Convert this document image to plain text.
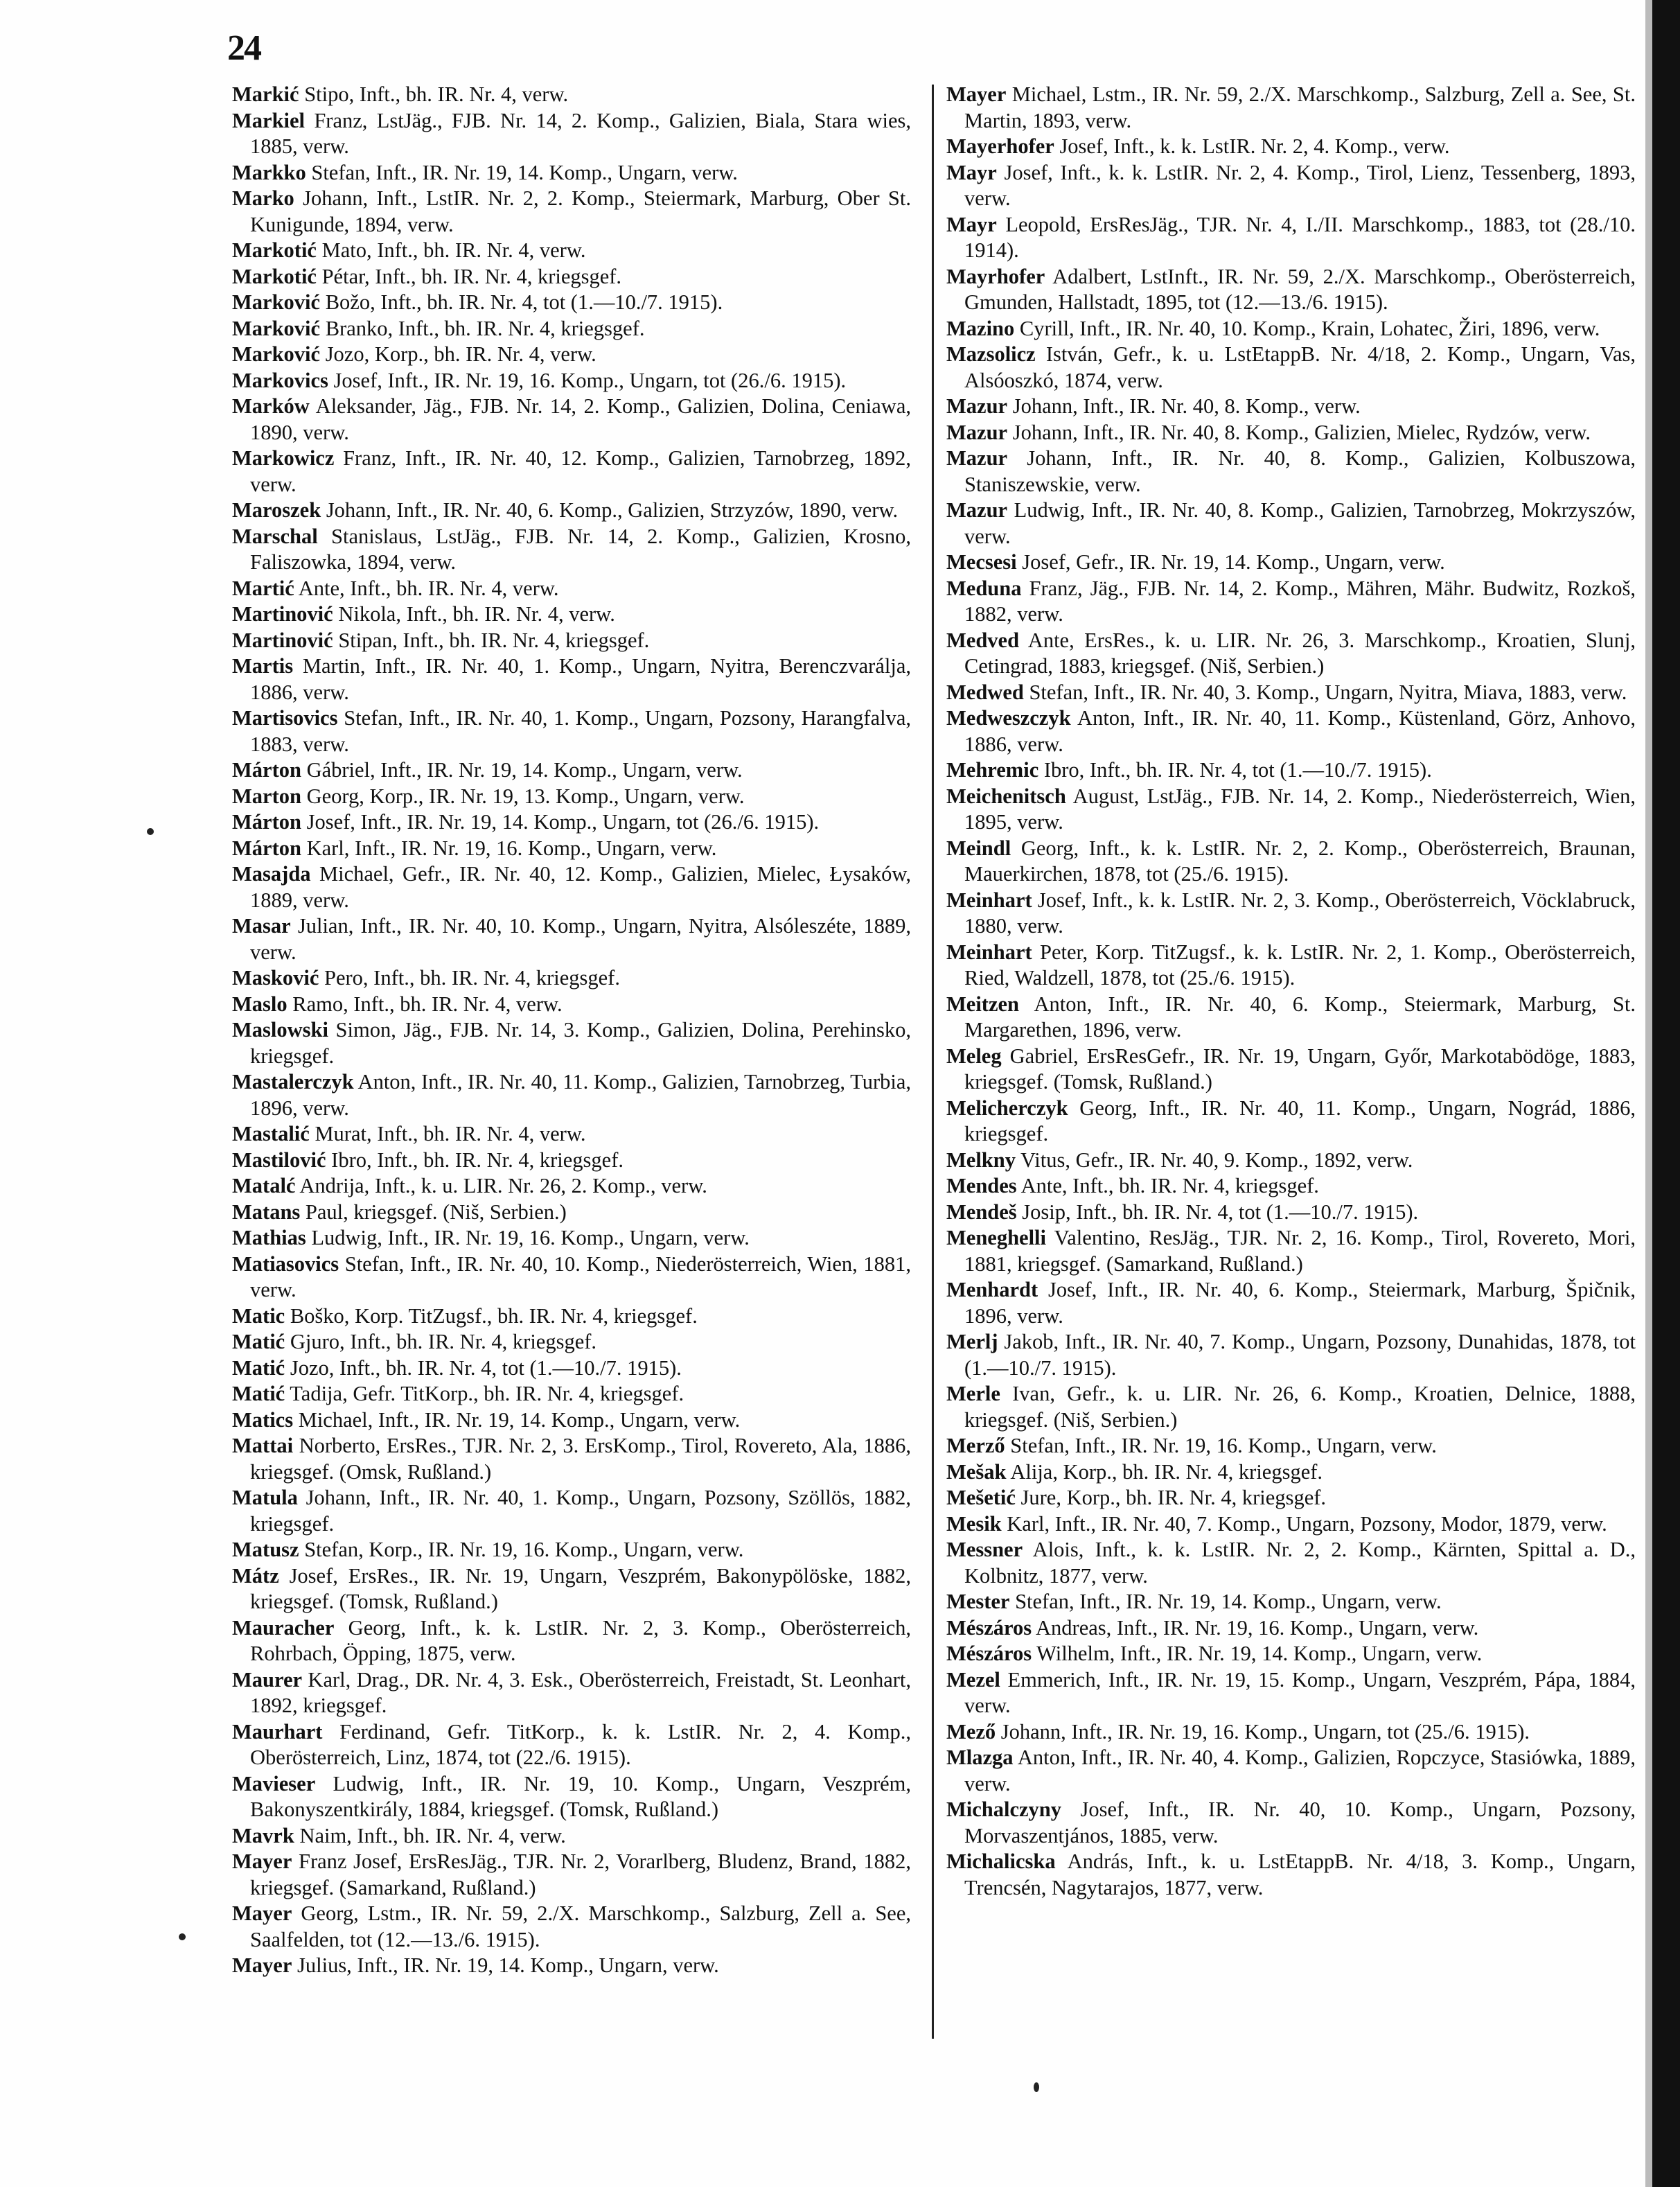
24

Markić Stipo, Inft., bh. IR. Nr. 4, verw.

Markiel Franz, LstJäg., FJB. Nr. 14, 2. Komp., Galizien, Biala, Stara wies, 1885, verw.

Markko Stefan, Inft., IR. Nr. 19, 14. Komp., Ungarn, verw.

Marko Johann, Inft., LstIR. Nr. 2, 2. Komp., Steiermark, Marburg, Ober St. Kunigunde, 1894, verw.

Markotić Mato, Inft., bh. IR. Nr. 4, verw.

Markotić Pétar, Inft., bh. IR. Nr. 4, kriegsgef.

Marković Božo, Inft., bh. IR. Nr. 4, tot (1.—10./7. 1915).

Marković Branko, Inft., bh. IR. Nr. 4, kriegsgef.

Marković Jozo, Korp., bh. IR. Nr. 4, verw.

Markovics Josef, Inft., IR. Nr. 19, 16. Komp., Ungarn, tot (26./6. 1915).

Marków Aleksander, Jäg., FJB. Nr. 14, 2. Komp., Galizien, Dolina, Ceniawa, 1890, verw.

Markowicz Franz, Inft., IR. Nr. 40, 12. Komp., Galizien, Tarnobrzeg, 1892, verw.

Maroszek Johann, Inft., IR. Nr. 40, 6. Komp., Galizien, Strzyzów, 1890, verw.

Marschal Stanislaus, LstJäg., FJB. Nr. 14, 2. Komp., Galizien, Krosno, Faliszowka, 1894, verw.

Martić Ante, Inft., bh. IR. Nr. 4, verw.

Martinović Nikola, Inft., bh. IR. Nr. 4, verw.

Martinović Stipan, Inft., bh. IR. Nr. 4, kriegsgef.

Martis Martin, Inft., IR. Nr. 40, 1. Komp., Ungarn, Nyitra, Berenczvarálja, 1886, verw.

Martisovics Stefan, Inft., IR. Nr. 40, 1. Komp., Ungarn, Pozsony, Harangfalva, 1883, verw.

Márton Gábriel, Inft., IR. Nr. 19, 14. Komp., Ungarn, verw.

Marton Georg, Korp., IR. Nr. 19, 13. Komp., Ungarn, verw.

Márton Josef, Inft., IR. Nr. 19, 14. Komp., Ungarn, tot (26./6. 1915).

Márton Karl, Inft., IR. Nr. 19, 16. Komp., Ungarn, verw.

Masajda Michael, Gefr., IR. Nr. 40, 12. Komp., Galizien, Mielec, Łysaków, 1889, verw.

Masar Julian, Inft., IR. Nr. 40, 10. Komp., Ungarn, Nyitra, Alsóleszéte, 1889, verw.

Masković Pero, Inft., bh. IR. Nr. 4, kriegsgef.

Maslo Ramo, Inft., bh. IR. Nr. 4, verw.

Maslowski Simon, Jäg., FJB. Nr. 14, 3. Komp., Galizien, Dolina, Perehinsko, kriegsgef.

Mastalerczyk Anton, Inft., IR. Nr. 40, 11. Komp., Galizien, Tarnobrzeg, Turbia, 1896, verw.

Mastalić Murat, Inft., bh. IR. Nr. 4, verw.

Mastilović Ibro, Inft., bh. IR. Nr. 4, kriegsgef.

Matalć Andrija, Inft., k. u. LIR. Nr. 26, 2. Komp., verw.

Matans Paul, kriegsgef. (Niš, Serbien.)

Mathias Ludwig, Inft., IR. Nr. 19, 16. Komp., Ungarn, verw.

Matiasovics Stefan, Inft., IR. Nr. 40, 10. Komp., Niederösterreich, Wien, 1881, verw.

Matic Boško, Korp. TitZugsf., bh. IR. Nr. 4, kriegsgef.

Matić Gjuro, Inft., bh. IR. Nr. 4, kriegsgef.

Matić Jozo, Inft., bh. IR. Nr. 4, tot (1.—10./7. 1915).

Matić Tadija, Gefr. TitKorp., bh. IR. Nr. 4, kriegsgef.

Matics Michael, Inft., IR. Nr. 19, 14. Komp., Ungarn, verw.

Mattai Norberto, ErsRes., TJR. Nr. 2, 3. ErsKomp., Tirol, Rovereto, Ala, 1886, kriegsgef. (Omsk, Rußland.)

Matula Johann, Inft., IR. Nr. 40, 1. Komp., Ungarn, Pozsony, Szöllös, 1882, kriegsgef.

Matusz Stefan, Korp., IR. Nr. 19, 16. Komp., Ungarn, verw.

Mátz Josef, ErsRes., IR. Nr. 19, Ungarn, Veszprém, Bakonypölöske, 1882, kriegsgef. (Tomsk, Rußland.)

Mauracher Georg, Inft., k. k. LstIR. Nr. 2, 3. Komp., Oberösterreich, Rohrbach, Öpping, 1875, verw.

Maurer Karl, Drag., DR. Nr. 4, 3. Esk., Oberösterreich, Freistadt, St. Leonhart, 1892, kriegsgef.

Maurhart Ferdinand, Gefr. TitKorp., k. k. LstIR. Nr. 2, 4. Komp., Oberösterreich, Linz, 1874, tot (22./6. 1915).

Mavieser Ludwig, Inft., IR. Nr. 19, 10. Komp., Ungarn, Veszprém, Bakonyszentkirály, 1884, kriegsgef. (Tomsk, Rußland.)

Mavrk Naim, Inft., bh. IR. Nr. 4, verw.

Mayer Franz Josef, ErsResJäg., TJR. Nr. 2, Vorarlberg, Bludenz, Brand, 1882, kriegsgef. (Samarkand, Rußland.)

Mayer Georg, Lstm., IR. Nr. 59, 2./X. Marschkomp., Salzburg, Zell a. See, Saalfelden, tot (12.—13./6. 1915).

Mayer Julius, Inft., IR. Nr. 19, 14. Komp., Ungarn, verw.

Mayer Michael, Lstm., IR. Nr. 59, 2./X. Marschkomp., Salzburg, Zell a. See, St. Martin, 1893, verw.

Mayerhofer Josef, Inft., k. k. LstIR. Nr. 2, 4. Komp., verw.

Mayr Josef, Inft., k. k. LstIR. Nr. 2, 4. Komp., Tirol, Lienz, Tessenberg, 1893, verw.

Mayr Leopold, ErsResJäg., TJR. Nr. 4, I./II. Marschkomp., 1883, tot (28./10. 1914).

Mayrhofer Adalbert, LstInft., IR. Nr. 59, 2./X. Marschkomp., Oberösterreich, Gmunden, Hallstadt, 1895, tot (12.—13./6. 1915).

Mazino Cyrill, Inft., IR. Nr. 40, 10. Komp., Krain, Lohatec, Žiri, 1896, verw.

Mazsolicz István, Gefr., k. u. LstEtappB. Nr. 4/18, 2. Komp., Ungarn, Vas, Alsóoszkó, 1874, verw.

Mazur Johann, Inft., IR. Nr. 40, 8. Komp., verw.

Mazur Johann, Inft., IR. Nr. 40, 8. Komp., Galizien, Mielec, Rydzów, verw.

Mazur Johann, Inft., IR. Nr. 40, 8. Komp., Galizien, Kolbuszowa, Staniszewskie, verw.

Mazur Ludwig, Inft., IR. Nr. 40, 8. Komp., Galizien, Tarnobrzeg, Mokrzyszów, verw.

Mecsesi Josef, Gefr., IR. Nr. 19, 14. Komp., Ungarn, verw.

Meduna Franz, Jäg., FJB. Nr. 14, 2. Komp., Mähren, Mähr. Budwitz, Rozkoš, 1882, verw.

Medved Ante, ErsRes., k. u. LIR. Nr. 26, 3. Marschkomp., Kroatien, Slunj, Cetingrad, 1883, kriegsgef. (Niš, Serbien.)

Medwed Stefan, Inft., IR. Nr. 40, 3. Komp., Ungarn, Nyitra, Miava, 1883, verw.

Medweszczyk Anton, Inft., IR. Nr. 40, 11. Komp., Küstenland, Görz, Anhovo, 1886, verw.

Mehremic Ibro, Inft., bh. IR. Nr. 4, tot (1.—10./7. 1915).

Meichenitsch August, LstJäg., FJB. Nr. 14, 2. Komp., Niederösterreich, Wien, 1895, verw.

Meindl Georg, Inft., k. k. LstIR. Nr. 2, 2. Komp., Oberösterreich, Braunan, Mauerkirchen, 1878, tot (25./6. 1915).

Meinhart Josef, Inft., k. k. LstIR. Nr. 2, 3. Komp., Oberösterreich, Vöcklabruck, 1880, verw.

Meinhart Peter, Korp. TitZugsf., k. k. LstIR. Nr. 2, 1. Komp., Oberösterreich, Ried, Waldzell, 1878, tot (25./6. 1915).

Meitzen Anton, Inft., IR. Nr. 40, 6. Komp., Steiermark, Marburg, St. Margarethen, 1896, verw.

Meleg Gabriel, ErsResGefr., IR. Nr. 19, Ungarn, Győr, Markotabödöge, 1883, kriegsgef. (Tomsk, Rußland.)

Melicherczyk Georg, Inft., IR. Nr. 40, 11. Komp., Ungarn, Nográd, 1886, kriegsgef.

Melkny Vitus, Gefr., IR. Nr. 40, 9. Komp., 1892, verw.

Mendes Ante, Inft., bh. IR. Nr. 4, kriegsgef.

Mendeš Josip, Inft., bh. IR. Nr. 4, tot (1.—10./7. 1915).

Meneghelli Valentino, ResJäg., TJR. Nr. 2, 16. Komp., Tirol, Rovereto, Mori, 1881, kriegsgef. (Samarkand, Rußland.)

Menhardt Josef, Inft., IR. Nr. 40, 6. Komp., Steiermark, Marburg, Špičnik, 1896, verw.

Merlj Jakob, Inft., IR. Nr. 40, 7. Komp., Ungarn, Pozsony, Dunahidas, 1878, tot (1.—10./7. 1915).

Merle Ivan, Gefr., k. u. LIR. Nr. 26, 6. Komp., Kroatien, Delnice, 1888, kriegsgef. (Niš, Serbien.)

Merző Stefan, Inft., IR. Nr. 19, 16. Komp., Ungarn, verw.

Mešak Alija, Korp., bh. IR. Nr. 4, kriegsgef.

Mešetić Jure, Korp., bh. IR. Nr. 4, kriegsgef.

Mesik Karl, Inft., IR. Nr. 40, 7. Komp., Ungarn, Pozsony, Modor, 1879, verw.

Messner Alois, Inft., k. k. LstIR. Nr. 2, 2. Komp., Kärnten, Spittal a. D., Kolbnitz, 1877, verw.

Mester Stefan, Inft., IR. Nr. 19, 14. Komp., Ungarn, verw.

Mészáros Andreas, Inft., IR. Nr. 19, 16. Komp., Ungarn, verw.

Mészáros Wilhelm, Inft., IR. Nr. 19, 14. Komp., Ungarn, verw.

Mezel Emmerich, Inft., IR. Nr. 19, 15. Komp., Ungarn, Veszprém, Pápa, 1884, verw.

Mező Johann, Inft., IR. Nr. 19, 16. Komp., Ungarn, tot (25./6. 1915).

Mlazga Anton, Inft., IR. Nr. 40, 4. Komp., Galizien, Ropczyce, Stasiówka, 1889, verw.

Michalczyny Josef, Inft., IR. Nr. 40, 10. Komp., Ungarn, Pozsony, Morvaszentjános, 1885, verw.

Michalicska András, Inft., k. u. LstEtappB. Nr. 4/18, 3. Komp., Ungarn, Trencsén, Nagytarajos, 1877, verw.
